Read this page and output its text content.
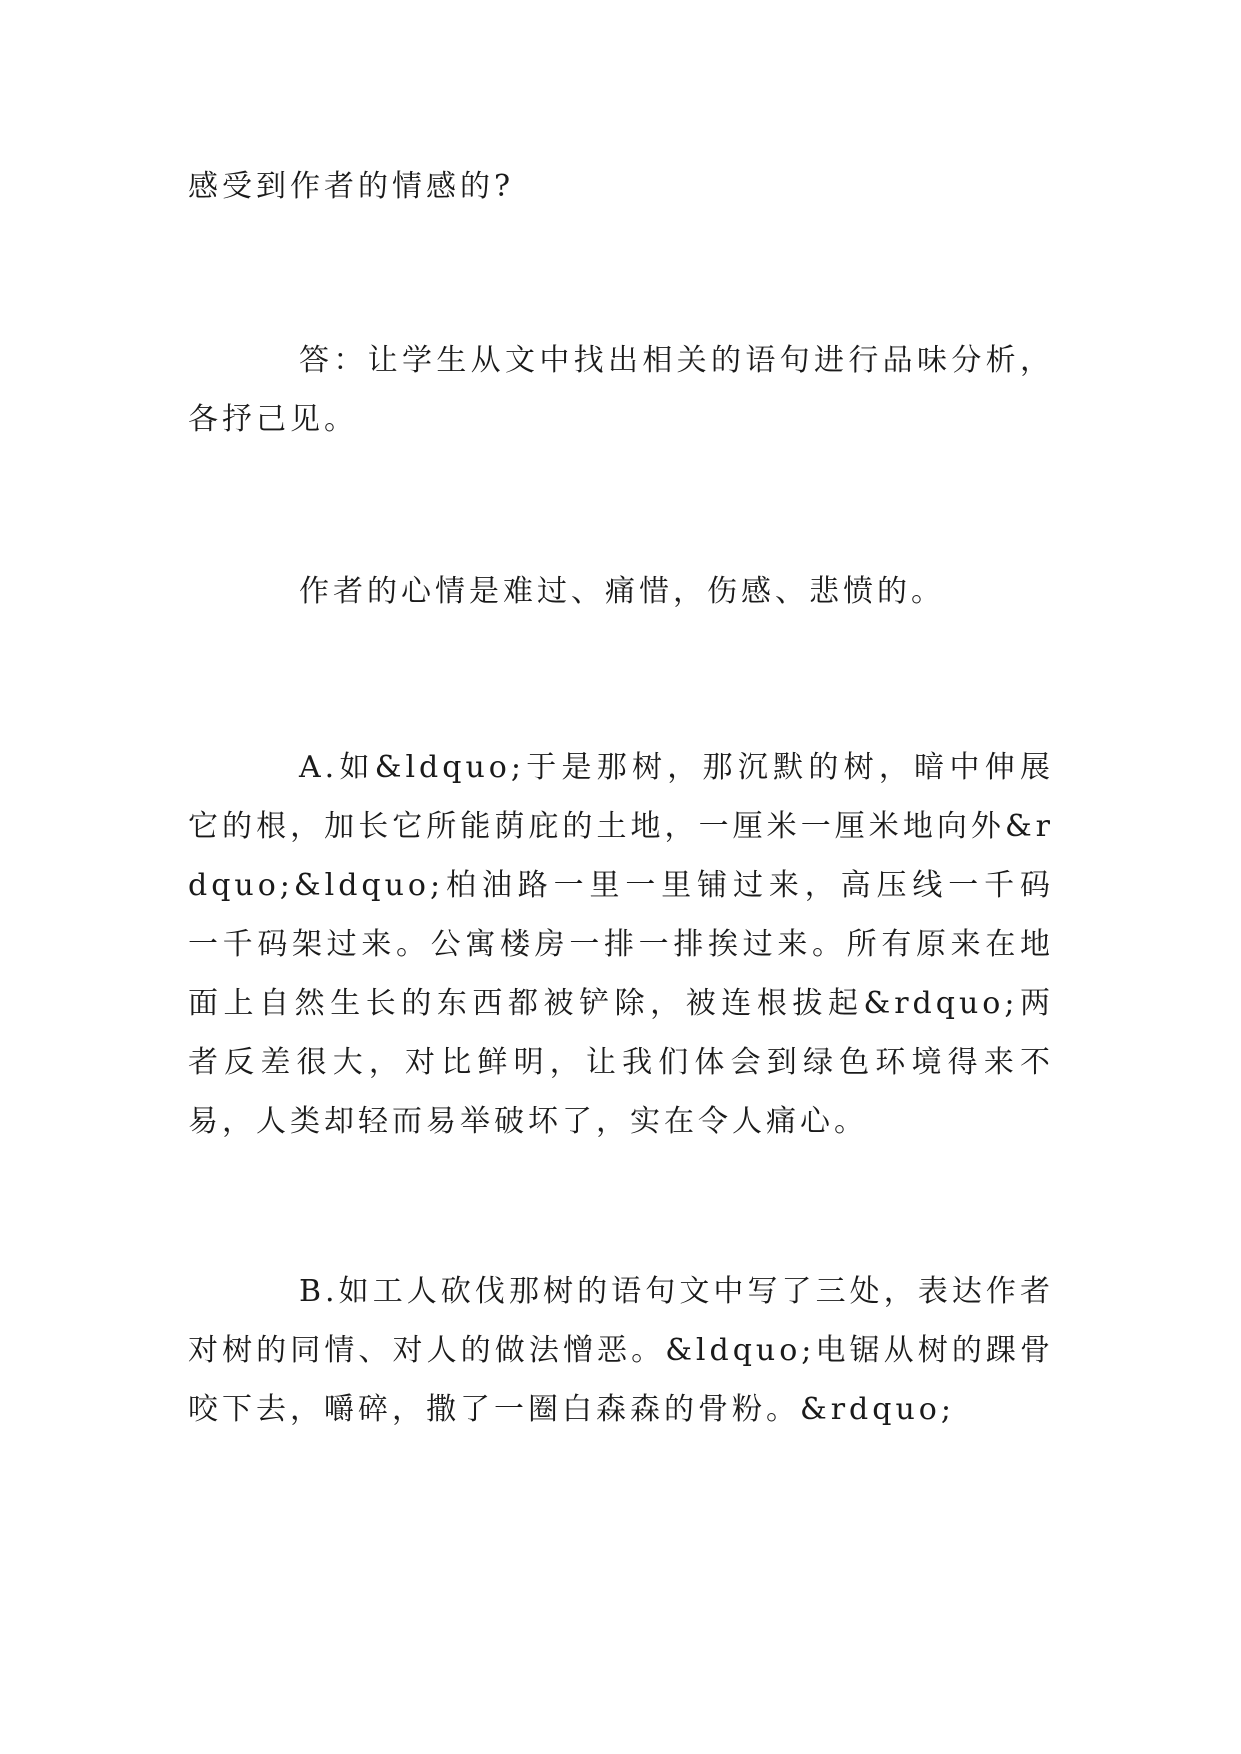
感受到作者的情感的?

答：让学生从文中找出相关的语句进行品味分析，各抒己见。

作者的心情是难过、痛惜，伤感、悲愤的。

A.如&ldquo;于是那树，那沉默的树，暗中伸展它的根，加长它所能荫庇的土地，一厘米一厘米地向外&rdquo;&ldquo;柏油路一里一里铺过来，高压线一千码一千码架过来。公寓楼房一排一排挨过来。所有原来在地面上自然生长的东西都被铲除，被连根拔起&rdquo;两者反差很大，对比鲜明，让我们体会到绿色环境得来不易，人类却轻而易举破坏了，实在令人痛心。

B.如工人砍伐那树的语句文中写了三处，表达作者对树的同情、对人的做法憎恶。&ldquo;电锯从树的踝骨咬下去，嚼碎，撒了一圈白森森的骨粉。&rdquo;
